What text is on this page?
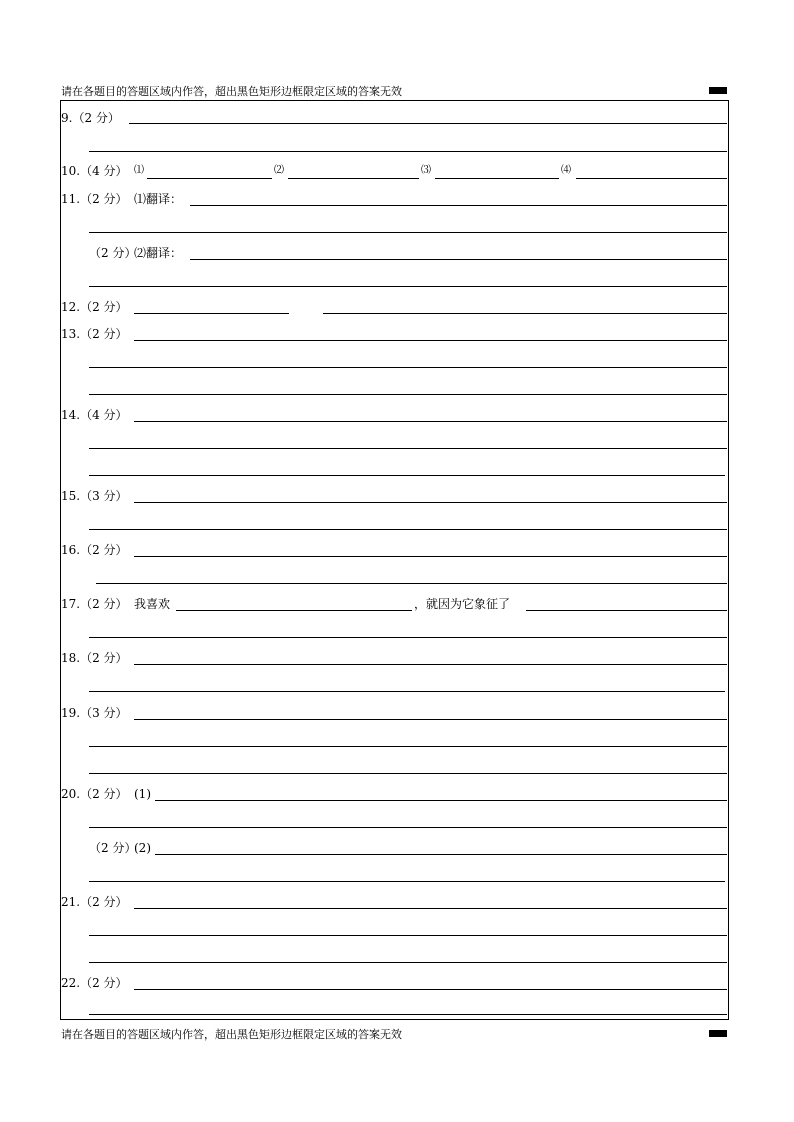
请在各题目的答题区域内作答，超出黑色矩形边框限定区域的答案无效
9.（2 分）
10.（4 分） ⑴	⑵	⑶	⑷
11.（2 分） ⑴翻译：
（2 分）
⑵翻译：
12.（2 分）
13.（2 分）
14.（4 分）
15.（3 分）
16.（2 分）
17.（2 分） 我喜欢	，就因为它象征了
18.（2 分）
19.（3 分）
20.（2 分） (1)
（2 分）
(2)
21.（2 分）
22.（2 分）
请在各题目的答题区域内作答，超出黑色矩形边框限定区域的答案无效
